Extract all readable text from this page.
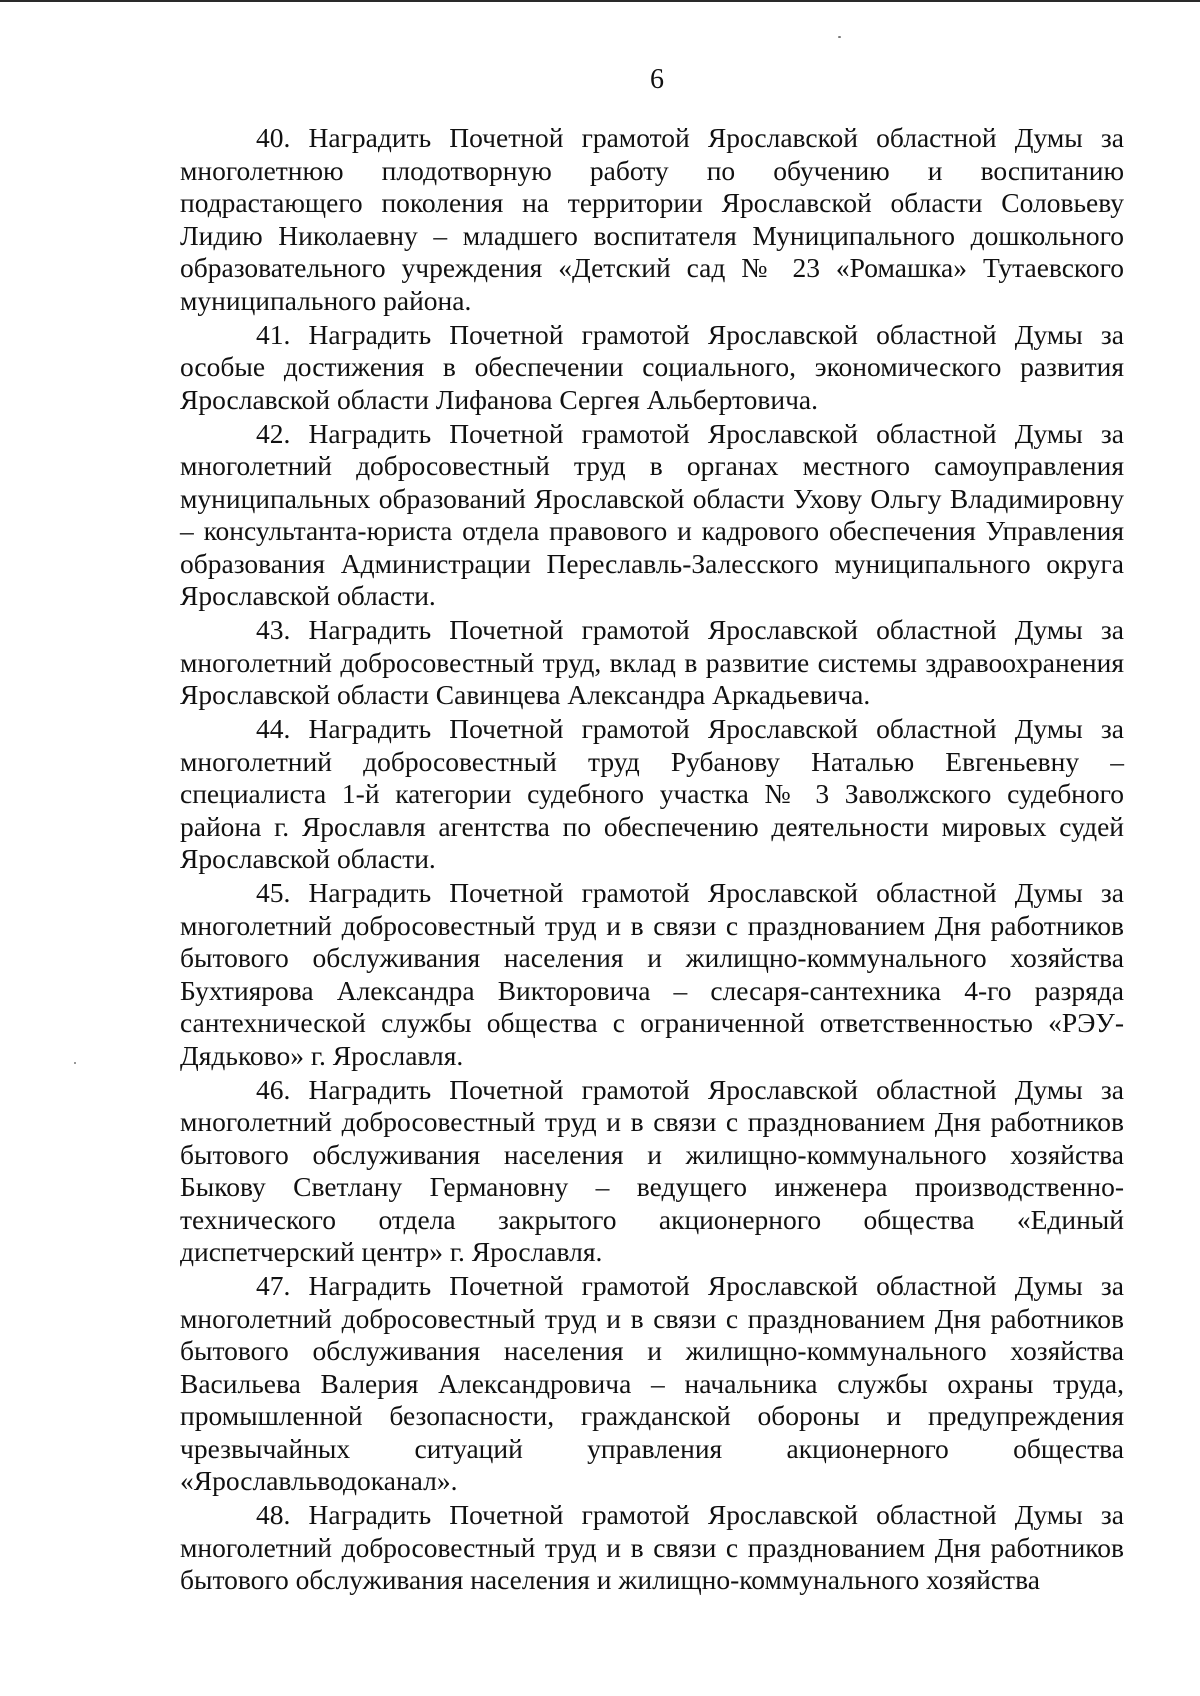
6

40. Наградить Почетной грамотой Ярославской областной Думы за многолетнюю плодотворную работу по обучению и воспитанию подрастающего поколения на территории Ярославской области Соловьеву Лидию Николаевну – младшего воспитателя Муниципального дошкольного образовательного учреждения «Детский сад № 23 «Ромашка» Тутаевского муниципального района.

41. Наградить Почетной грамотой Ярославской областной Думы за особые достижения в обеспечении социального, экономического развития Ярославской области Лифанова Сергея Альбертовича.

42. Наградить Почетной грамотой Ярославской областной Думы за многолетний добросовестный труд в органах местного самоуправления муниципальных образований Ярославской области Ухову Ольгу Владимировну – консультанта-юриста отдела правового и кадрового обеспечения Управления образования Администрации Переславль-Залесского муниципального округа Ярославской области.

43. Наградить Почетной грамотой Ярославской областной Думы за многолетний добросовестный труд, вклад в развитие системы здравоохранения Ярославской области Савинцева Александра Аркадьевича.

44. Наградить Почетной грамотой Ярославской областной Думы за многолетний добросовестный труд Рубанову Наталью Евгеньевну – специалиста 1-й категории судебного участка № 3 Заволжского судебного района г. Ярославля агентства по обеспечению деятельности мировых судей Ярославской области.

45. Наградить Почетной грамотой Ярославской областной Думы за многолетний добросовестный труд и в связи с празднованием Дня работников бытового обслуживания населения и жилищно-коммунального хозяйства Бухтиярова Александра Викторовича – слесаря-сантехника 4-го разряда сантехнической службы общества с ограниченной ответственностью «РЭУ-Дядьково» г. Ярославля.

46. Наградить Почетной грамотой Ярославской областной Думы за многолетний добросовестный труд и в связи с празднованием Дня работников бытового обслуживания населения и жилищно-коммунального хозяйства Быкову Светлану Германовну – ведущего инженера производственно-технического отдела закрытого акционерного общества «Единый диспетчерский центр» г. Ярославля.

47. Наградить Почетной грамотой Ярославской областной Думы за многолетний добросовестный труд и в связи с празднованием Дня работников бытового обслуживания населения и жилищно-коммунального хозяйства Васильева Валерия Александровича – начальника службы охраны труда, промышленной безопасности, гражданской обороны и предупреждения чрезвычайных ситуаций управления акционерного общества «Ярославльводоканал».

48. Наградить Почетной грамотой Ярославской областной Думы за многолетний добросовестный труд и в связи с празднованием Дня работников бытового обслуживания населения и жилищно-коммунального хозяйства
